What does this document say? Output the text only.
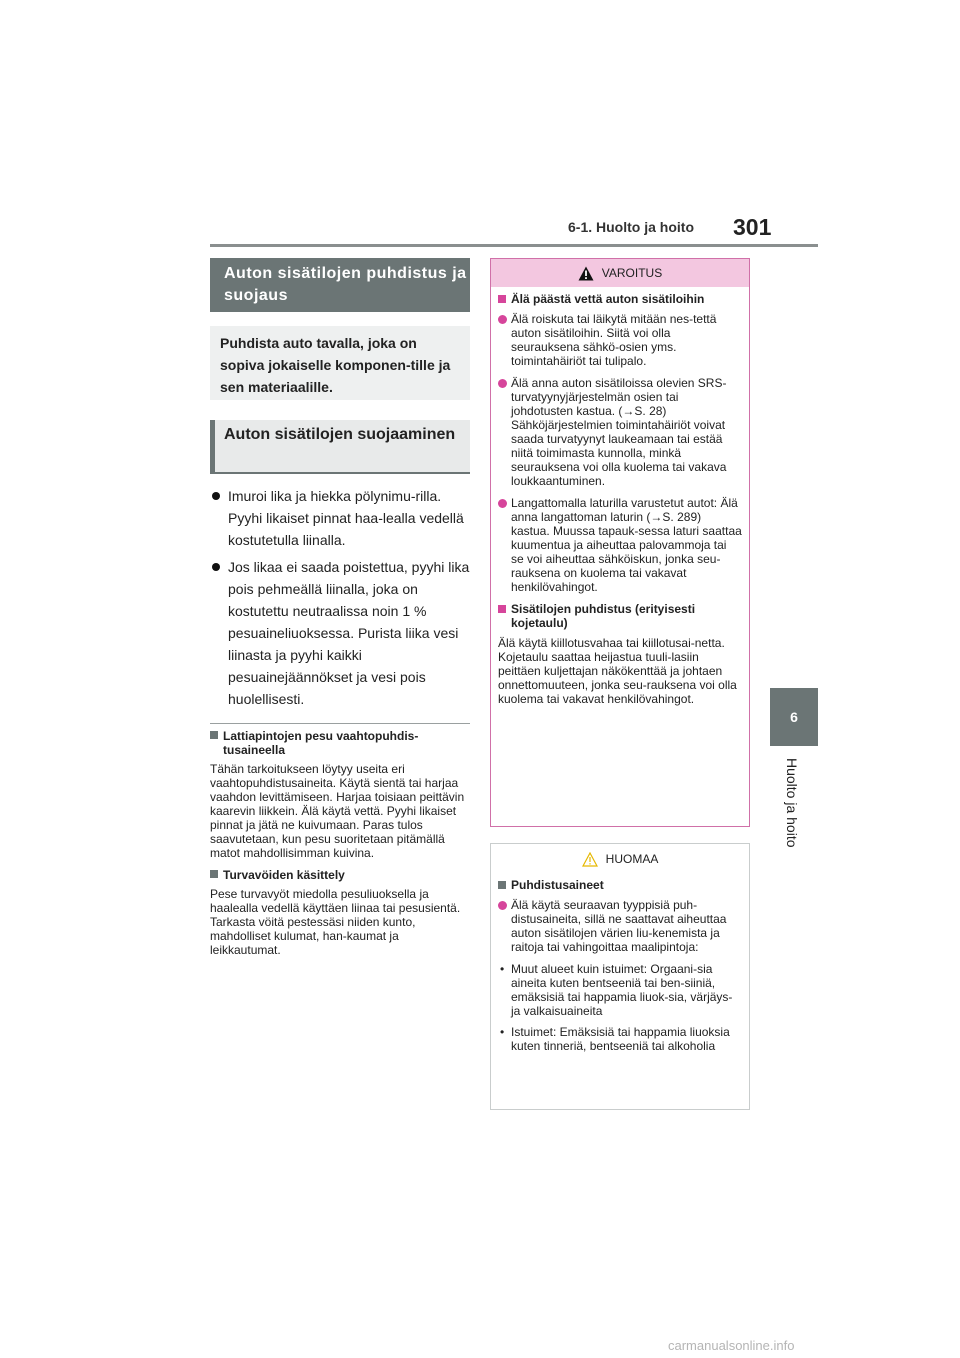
6-1. Huolto ja hoito 301
6
Huolto ja hoito
Auton sisätilojen puhdistus ja suojaus
Puhdista auto tavalla, joka on sopiva jokaiselle komponen-tille ja sen materiaalille.
Auton sisätilojen suojaaminen
Imuroi lika ja hiekka pölynimu-rilla. Pyyhi likaiset pinnat haa-lealla vedellä kostutetulla liinalla.
Jos likaa ei saada poistettua, pyyhi lika pois pehmeällä liinalla, joka on kostutettu neutraalissa noin 1 % pesuaineliuoksessa. Purista liika vesi liinasta ja pyyhi kaikki pesuainejäännökset ja vesi pois huolellisesti.
Lattiapintojen pesu vaahtopuhdis-tusaineella
Tähän tarkoitukseen löytyy useita eri vaahtopuhdistusaineita. Käytä sientä tai harjaa vaahdon levittämiseen. Harjaa toisiaan peittävin kaarevin liikkein. Älä käytä vettä. Pyyhi likaiset pinnat ja jätä ne kuivumaan. Paras tulos saavutetaan, kun pesu suoritetaan pitämällä matot mahdollisimman kuivina.
Turvavöiden käsittely
Pese turvavyöt miedolla pesuliuoksella ja haalealla vedellä käyttäen liinaa tai pesusientä. Tarkasta vöitä pestessäsi niiden kunto, mahdolliset kulumat, han-kaumat ja leikkautumat.
VAROITUS
Älä päästä vettä auton sisätiloihin
Älä roiskuta tai läikytä mitään nes-tettä auton sisätiloihin. Siitä voi olla seurauksena sähkö-osien yms. toimintahäiriöt tai tulipalo.
Älä anna auton sisätiloissa olevien SRS-turvatyynyjärjestelmän osien tai johdotusten kastua. (→S. 28) Sähköjärjestelmien toimintahäiriöt voivat saada turvatyynyt laukeamaan tai estää niitä toimimasta kunnolla, minkä seurauksena voi olla kuolema tai vakava loukkaantuminen.
Langattomalla laturilla varustetut autot: Älä anna langattoman laturin (→S. 289) kastua. Muussa tapauk-sessa laturi saattaa kuumentua ja aiheuttaa palovammoja tai se voi aiheuttaa sähköiskun, jonka seu-rauksena on kuolema tai vakavat henkilövahingot.
Sisätilojen puhdistus (erityisesti kojetaulu)
Älä käytä kiillotusvahaa tai kiillotusai-netta. Kojetaulu saattaa heijastua tuuli-lasiin peittäen kuljettajan näkökenttää ja johtaen onnettomuuteen, jonka seu-rauksena voi olla kuolema tai vakavat henkilövahingot.
HUOMAA
Puhdistusaineet
Älä käytä seuraavan tyyppisiä puh-distusaineita, sillä ne saattavat aiheuttaa auton sisätilojen värien liu-kenemista ja raitoja tai vahingoittaa maalipintoja:
• Muut alueet kuin istuimet: Orgaani-sia aineita kuten bentseeniä tai ben-siiniä, emäksisiä tai happamia liuok-sia, värjäys- ja valkaisuaineita
• Istuimet: Emäksisiä tai happamia liuoksia kuten tinneriä, bentseeniä tai alkoholia
carmanualsonline.info
